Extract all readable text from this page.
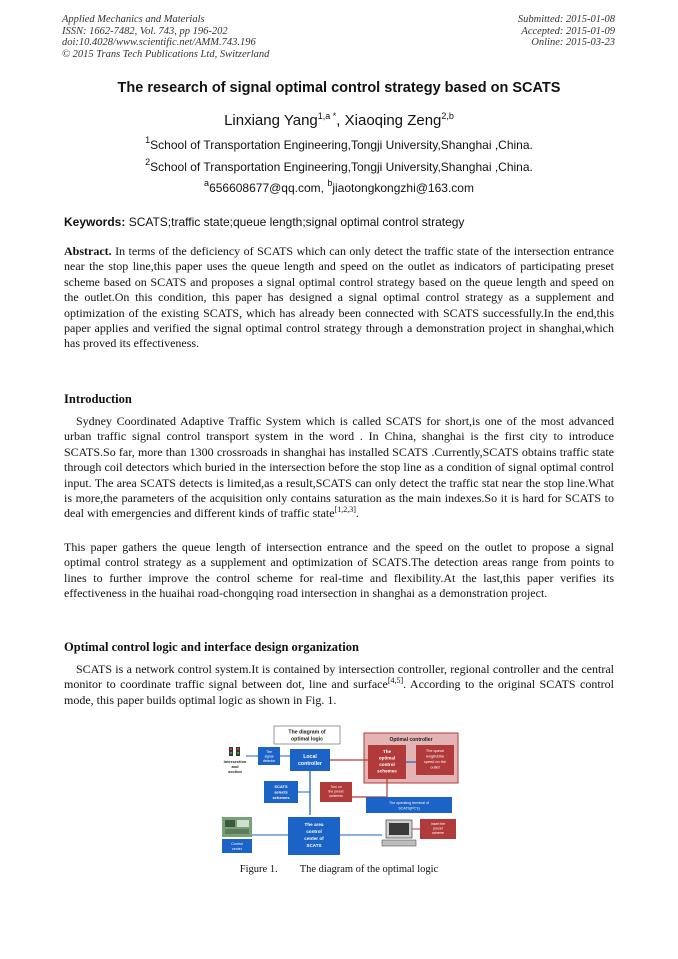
Applied Mechanics and Materials
ISSN: 1662-7482, Vol. 743, pp 196-202
doi:10.4028/www.scientific.net/AMM.743.196
© 2015 Trans Tech Publications Ltd, Switzerland
Submitted: 2015-01-08
Accepted: 2015-01-09
Online: 2015-03-23
The research of signal optimal control strategy based on SCATS
Linxiang Yang$^{1,a *}$, Xiaoqing Zeng$^{2,b}$
$^1$School of Transportation Engineering,Tongji University,Shanghai ,China.
$^2$School of Transportation Engineering,Tongji University,Shanghai ,China.
$^a$656608677@qq.com, $^b$jiaotongkongzhi@163.com
Keywords: SCATS;traffic state;queue length;signal optimal control strategy
Abstract. In terms of the deficiency of SCATS which can only detect the traffic state of the intersection entrance near the stop line,this paper uses the queue length and speed on the outlet as indicators of participating preset scheme based on SCATS and proposes a signal optimal control strategy based on the queue length and speed on the outlet.On this condition, this paper has designed a signal optimal control strategy as a supplement and optimization of the existing SCATS, which has already been connected with SCATS successfully.In the end,this paper applies and verified the signal optimal control strategy through a demonstration project in shanghai,which has proved its effectiveness.
Introduction
Sydney Coordinated Adaptive Traffic System which is called SCATS for short,is one of the most advanced urban traffic signal control transport system in the word . In China, shanghai is the first city to introduce SCATS.So far, more than 1300 crossroads in shanghai has installed SCATS .Currently,SCATS obtains traffic state through coil detectors which buried in the intersection before the stop line as a condition of signal optimal control input. The area SCATS detects is limited,as a result,SCATS can only detect the traffic stat near the stop line.What is more,the parameters of the acquisition only contains saturation as the main indexes.So it is hard for SCATS to deal with emergencies and different kinds of traffic state[1,2,3].
This paper gathers the queue length of intersection entrance and the speed on the outlet to propose a signal optimal control strategy as a supplement and optimization of SCATS.The detection areas range from points to lines to further improve the control scheme for real-time and flexibility.At the last,this paper verifies its effectiveness in the huaihai road-chongqing road intersection in shanghai as a demonstration project.
Optimal control logic and interface design organization
SCATS is a network control system.It is contained by intersection controller, regional controller and the central monitor to coordinate traffic signal between dot, line and surface[4,5]. According to the original SCATS control mode, this paper builds optimal logic as shown in Fig. 1.
The diagram of
optimal logic	Optimal controller
The
optimal
control
schemes
The queue
length&the
speed on the
outlet
Intersection
and
section
The
signal
detector
Local
controller
SCATS
selects
schemes
Turn on
the preset
schemes
The operating terminal of
SCATS(PC's)
The area
control
center of
SCATS
Control
center
Insert the
preset
scheme
Figure 1. The diagram of the optimal logic
